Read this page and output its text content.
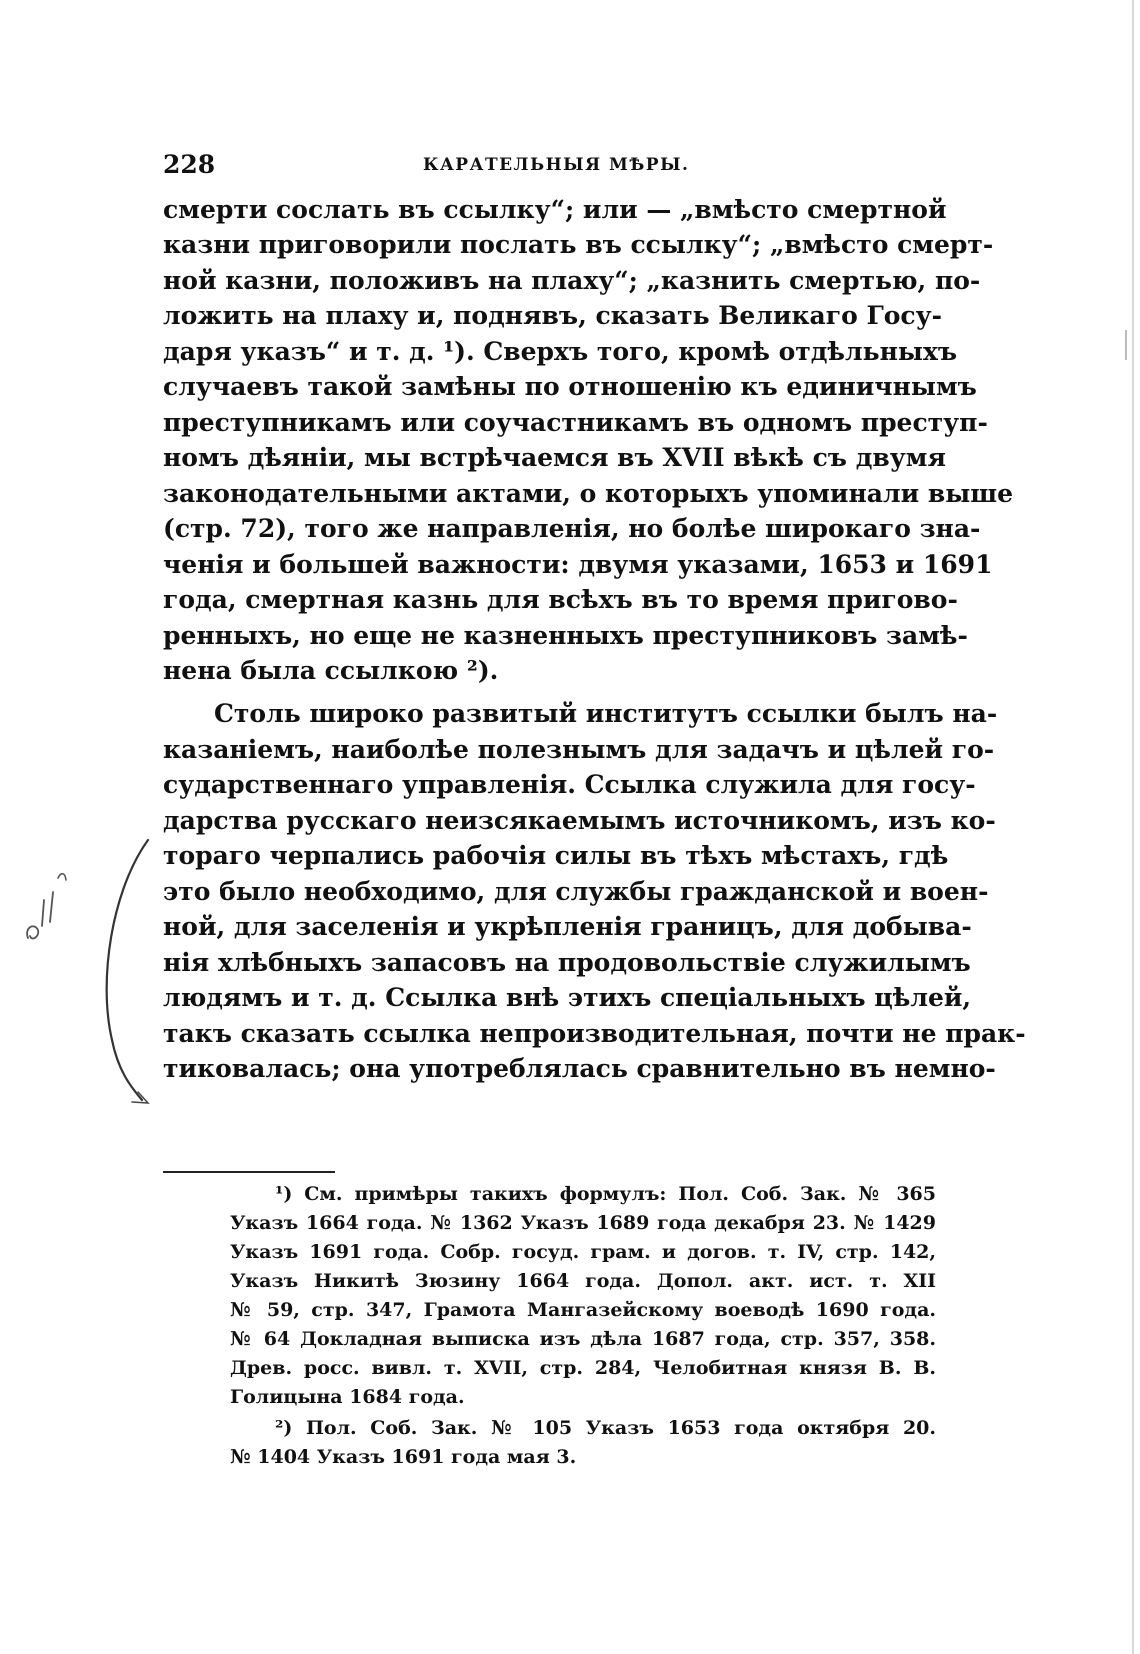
228	КАРАТЕЛЬНЫЯ МѢРЫ.
смерти сослать въ ссылку“; или — „вмѣсто смертной
казни приговорили послать въ ссылку“; „вмѣсто смерт-
ной казни, положивъ на плаху“; „казнить смертью, по-
ложить на плаху и, поднявъ, сказать Великаго Госу-
даря указъ“ и т. д. ¹). Сверхъ того, кромѣ отдѣльныхъ
случаевъ такой замѣны по отношенію къ единичнымъ
преступникамъ или соучастникамъ въ одномъ преступ-
номъ дѣяніи, мы встрѣчаемся въ XVII вѣкѣ съ двумя
законодательными актами, о которыхъ упоминали выше
(стр. 72), того же направленія, но болѣе широкаго зна-
ченія и большей важности: двумя указами, 1653 и 1691
года, смертная казнь для всѣхъ въ то время пригово-
ренныхъ, но еще не казненныхъ преступниковъ замѣ-
нена была ссылкою ²).
Столь широко развитый институтъ ссылки былъ на-
казаніемъ, наиболѣе полезнымъ для задачъ и цѣлей го-
сударственнаго управленія. Ссылка служила для госу-
дарства русскаго неизсякаемымъ источникомъ, изъ ко-
тораго черпались рабочія силы въ тѣхъ мѣстахъ, гдѣ
это было необходимо, для службы гражданской и воен-
ной, для заселенія и укрѣпленія границъ, для добыва-
нія хлѣбныхъ запасовъ на продовольствіе служилымъ
людямъ и т. д. Ссылка внѣ этихъ спеціальныхъ цѣлей,
такъ сказать ссылка непроизводительная, почти не прак-
тиковалась; она употреблялась сравнительно въ немно-
¹) См. примѣры такихъ формулъ: Пол. Соб. Зак. № 365
Указъ 1664 года. № 1362 Указъ 1689 года декабря 23. № 1429
Указъ 1691 года. Собр. госуд. грам. и догов. т. IV, стр. 142,
Указъ Никитѣ Зюзину 1664 года. Допол. акт. ист. т. XII
№ 59, стр. 347, Грамота Мангазейскому воеводѣ 1690 года.
№ 64 Докладная выписка изъ дѣла 1687 года, стр. 357, 358.
Древ. росс. вивл. т. XVII, стр. 284, Челобитная князя В. В.
Голицына 1684 года.
²) Пол. Соб. Зак. № 105 Указъ 1653 года октября 20.
№ 1404 Указъ 1691 года мая 3.
